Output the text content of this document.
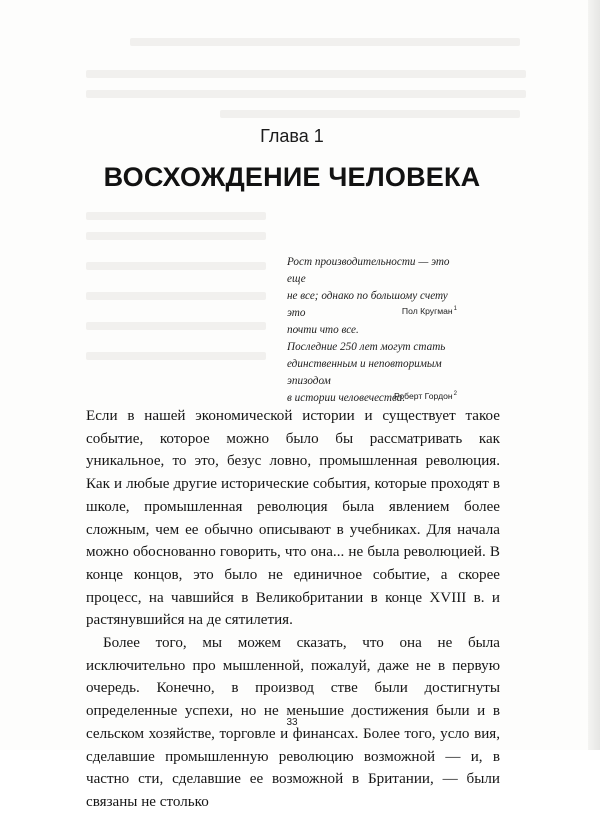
Глава 1
ВОСХОЖДЕНИЕ ЧЕЛОВЕКА
Рост производительности — это еще
не все; однако по большому счету это
почти что все.
Пол Кругман$^1$
Последние 250 лет могут стать
единственным и неповторимым эпизодом
в истории человечества.
Роберт Гордон$^2$

Если в нашей экономической истории и существует такое событие, которое можно было бы рассматривать как уникальное, то это, безус ловно, промышленная революция. Как и любые другие исторические события, которые проходят в школе, промышленная революция была явлением более сложным, чем ее обычно описывают в учебниках. Для начала можно обоснованно говорить, что она... не была революцией. В конце концов, это было не единичное событие, а скорее процесс, на чавшийся в Великобритании в конце XVIII в. и растянувшийся на де сятилетия.

Более того, мы можем сказать, что она не была исключительно про мышленной, пожалуй, даже не в первую очередь. Конечно, в производ стве были достигнуты определенные успехи, но не меньшие достижения были и в сельском хозяйстве, торговле и финансах. Более того, усло вия, сделавшие промышленную революцию возможной — и, в частно сти, сделавшие ее возможной в Британии, — были связаны не столько

33
